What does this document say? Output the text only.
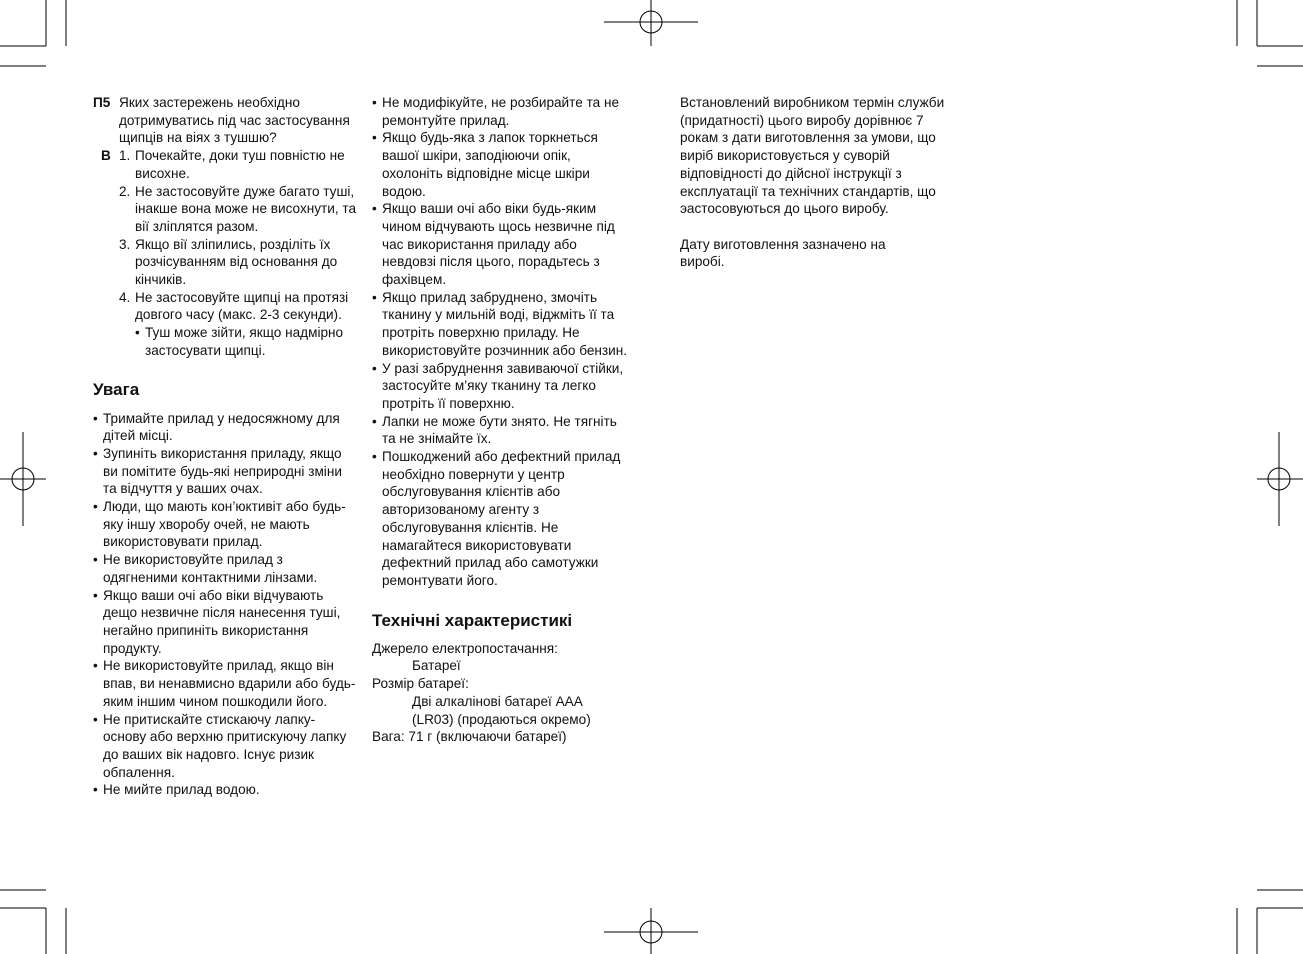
П5 Яких застережень необхідно дотримуватись під час застосування щипців на віях з тушшю?
В 1. Почекайте, доки туш повністю не висохне.
2. Не застосовуйте дуже багато туші, інакше вона може не висохнути, та вії зліплятся разом.
3. Якщо вії зліпились, розділіть їх розчісуванням від основання до кінчиків.
4. Не застосовуйте щипці на протязі довгого часу (макс. 2-3 секунди).
• Туш може зійти, якщо надмірно застосувати щипці.
Увага
• Тримайте прилад у недосяжному для дітей місці.
• Зупиніть використання приладу, якщо ви помітите будь-які неприродні зміни та відчуття у ваших очах.
• Люди, що мають кон’юктивіт або будь-яку іншу хворобу очей, не мають використовувати прилад.
• Не використовуйте прилад з одягненими контактними лінзами.
• Якщо ваши очі або віки відчувають дещо незвичне після нанесення туші, негайно припиніть використання продукту.
• Не використовуйте прилад, якщо він впав, ви ненавмисно вдарили або будь-яким іншим чином пошкодили його.
• Не притискайте стискаючу лапку-основу або верхню притискуючу лапку до ваших вік надовго. Існує ризик обпалення.
• Не мийте прилад водою.
• Не модифікуйте, не розбирайте та не ремонтуйте прилад.
• Якщо будь-яка з лапок торкнеться вашої шкіри, заподіюючи опік, охолоніть відповідне місце шкіри водою.
• Якщо ваши очі або віки будь-яким чином відчувають щось незвичне під час використання приладу або невдовзі після цього, порадьтесь з фахівцем.
• Якщо прилад забруднено, змочіть тканину у мильній воді, віджміть її та протріть поверхню приладу. Не використовуйте розчинник або бензин.
• У разі забруднення завиваючої стійки, застосуйте м’яку тканину та легко протріть її поверхню.
• Лапки не може бути знято. Не тягніть та не знімайте їх.
• Пошкоджений або дефектний прилад необхідно повернути у центр обслуговування клієнтів або авторизованому агенту з обслуговування клієнтів. Не намагайтеся використовувати дефектний прилад або самотужки ремонтувати його.
Технічні характеристикі
Джерело електропостачання:
Батареї
Розмір батареї:
Дві алкалінові батареї AAA (LR03) (продаються окремо)
Вага: 71 г (включаючи батареї)

Встановлений виробником термін служби (придатності) цього виробу дорівнює 7 рокам з дати виготовлення за умови, що виріб використовується у суворій відповідності до дійсної інструкції з експлуатації та технічних стандартів, що эастосовуються до цього виробу.

Дату виготовлення зазначено на виробі.
